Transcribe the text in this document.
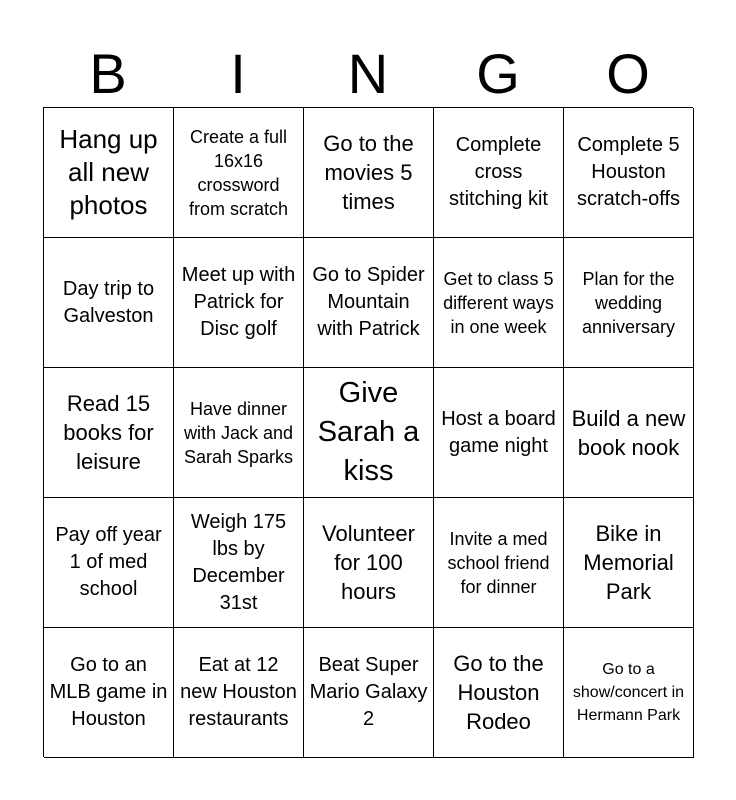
B	I	N	G	O
Hang up all new photos
Create a full 16x16 crossword from scratch
Go to the movies 5 times
Complete cross stitching kit
Complete 5 Houston scratch-offs
Day trip to Galveston
Meet up with Patrick for Disc golf
Go to Spider Mountain with Patrick
Get to class 5 different ways in one week
Plan for the wedding anniversary
Read 15 books for leisure
Have dinner with Jack and Sarah Sparks
Give Sarah a kiss
Host a board game night
Build a new book nook
Pay off year 1 of med school
Weigh 175 lbs by December 31st
Volunteer for 100 hours
Invite a med school friend for dinner
Bike in Memorial Park
Go to an MLB game in Houston
Eat at 12 new Houston restaurants
Beat Super Mario Galaxy 2
Go to the Houston Rodeo
Go to a show/concert in Hermann Park
